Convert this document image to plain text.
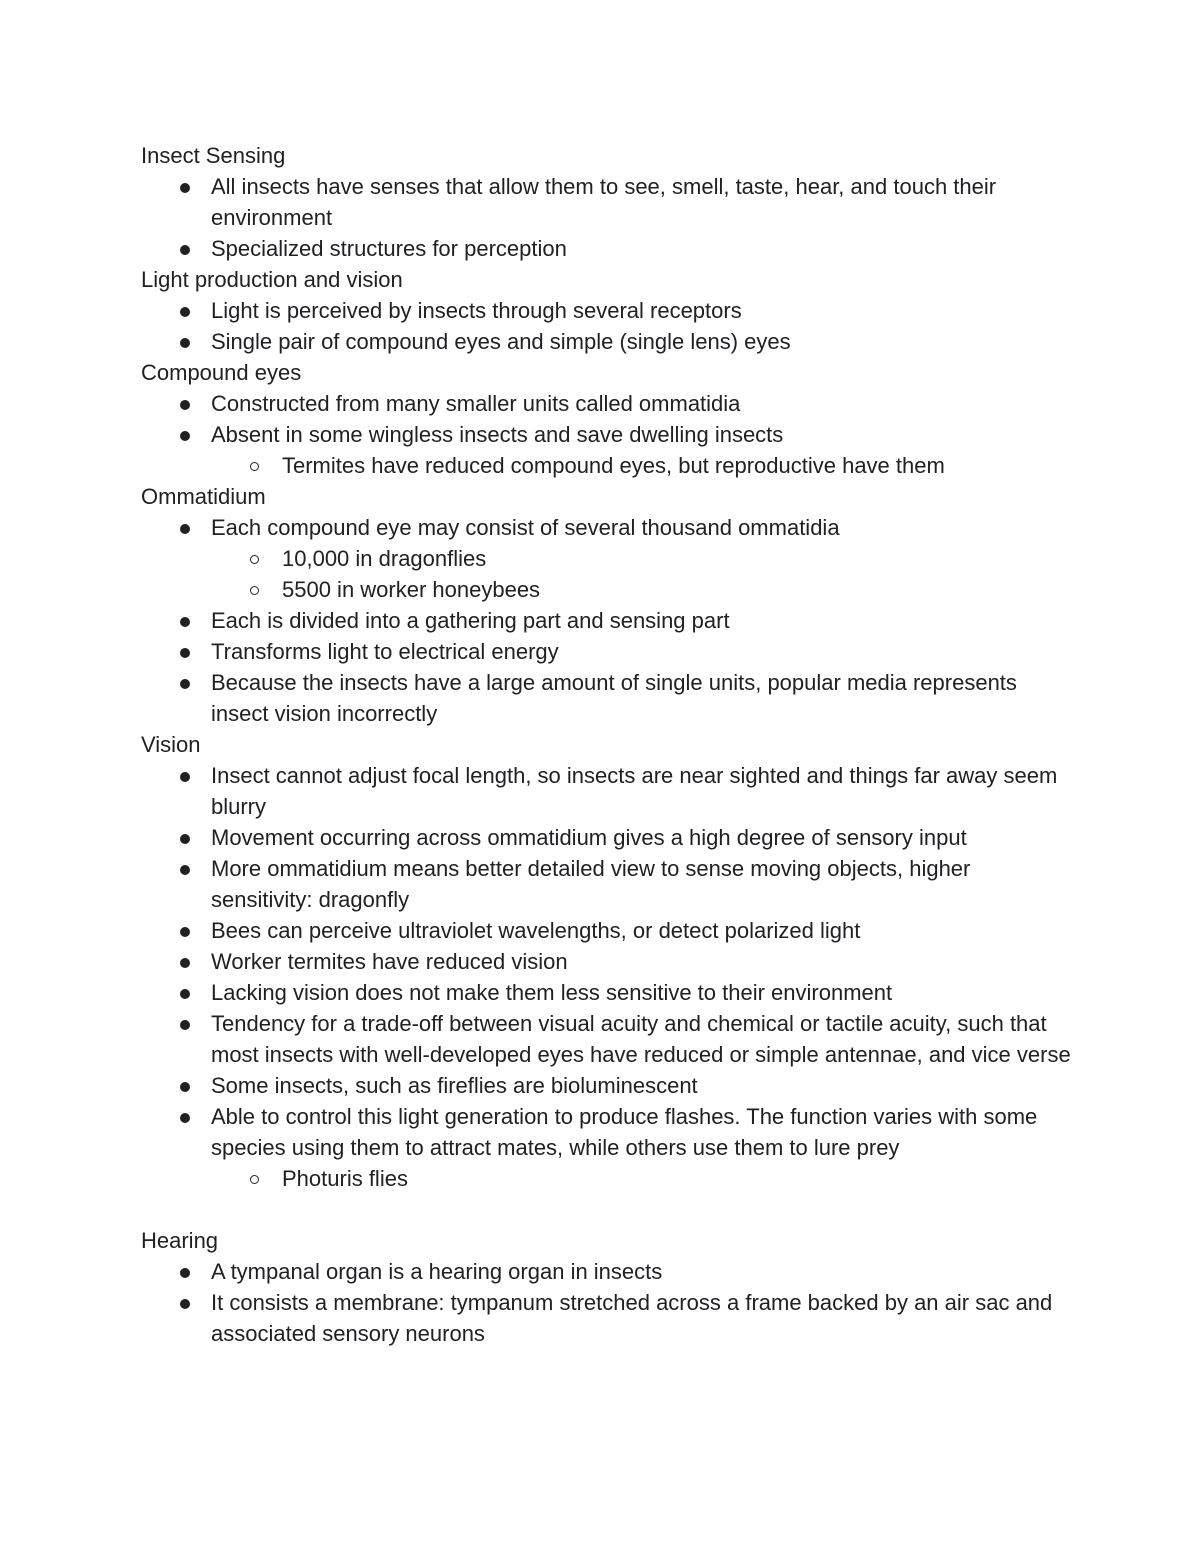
Insect Sensing
All insects have senses that allow them to see, smell, taste, hear, and touch their environment
Specialized structures for perception
Light production and vision
Light is perceived by insects through several receptors
Single pair of compound eyes and simple (single lens) eyes
Compound eyes
Constructed from many smaller units called ommatidia
Absent in some wingless insects and save dwelling insects
Termites have reduced compound eyes, but reproductive have them
Ommatidium
Each compound eye may consist of several thousand ommatidia
10,000 in dragonflies
5500 in worker honeybees
Each is divided into a gathering part and sensing part
Transforms light to electrical energy
Because the insects have a large amount of single units, popular media represents insect vision incorrectly
Vision
Insect cannot adjust focal length, so insects are near sighted and things far away seem blurry
Movement occurring across ommatidium gives a high degree of sensory input
More ommatidium means better detailed view to sense moving objects, higher sensitivity: dragonfly
Bees can perceive ultraviolet wavelengths, or detect polarized light
Worker termites have reduced vision
Lacking vision does not make them less sensitive to their environment
Tendency for a trade-off between visual acuity and chemical or tactile acuity, such that most insects with well-developed eyes have reduced or simple antennae, and vice verse
Some insects, such as fireflies are bioluminescent
Able to control this light generation to produce flashes. The function varies with some species using them to attract mates, while others use them to lure prey
Photuris flies
Hearing
A tympanal organ is a hearing organ in insects
It consists a membrane: tympanum stretched across a frame backed by an air sac and associated sensory neurons
